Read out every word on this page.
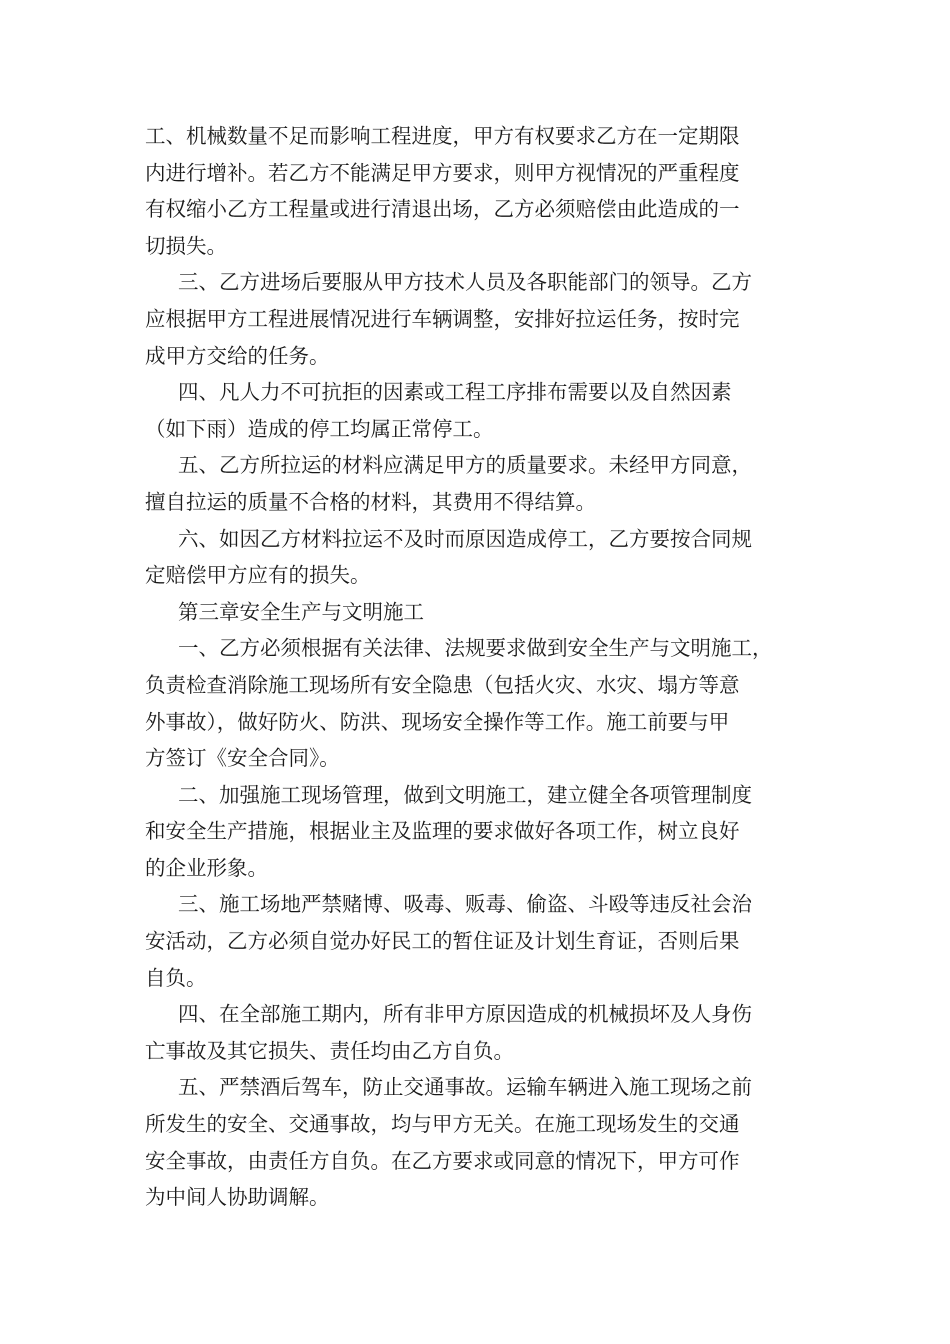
工、机械数量不足而影响工程进度，甲方有权要求乙方在一定期限
内进行增补。若乙方不能满足甲方要求，则甲方视情况的严重程度
有权缩小乙方工程量或进行清退出场，乙方必须赔偿由此造成的一
切损失。
三、乙方进场后要服从甲方技术人员及各职能部门的领导。乙方
应根据甲方工程进展情况进行车辆调整，安排好拉运任务，按时完
成甲方交给的任务。
四、凡人力不可抗拒的因素或工程工序排布需要以及自然因素
（如下雨）造成的停工均属正常停工。
五、乙方所拉运的材料应满足甲方的质量要求。未经甲方同意，
擅自拉运的质量不合格的材料，其费用不得结算。
六、如因乙方材料拉运不及时而原因造成停工，乙方要按合同规
定赔偿甲方应有的损失。
第三章安全生产与文明施工
一、乙方必须根据有关法律、法规要求做到安全生产与文明施工，
负责检查消除施工现场所有安全隐患（包括火灾、水灾、塌方等意
外事故），做好防火、防洪、现场安全操作等工作。施工前要与甲
方签订《安全合同》。
二、加强施工现场管理，做到文明施工，建立健全各项管理制度
和安全生产措施，根据业主及监理的要求做好各项工作，树立良好
的企业形象。
三、施工场地严禁赌博、吸毒、贩毒、偷盗、斗殴等违反社会治
安活动，乙方必须自觉办好民工的暂住证及计划生育证，否则后果
自负。
四、在全部施工期内，所有非甲方原因造成的机械损坏及人身伤
亡事故及其它损失、责任均由乙方自负。
五、严禁酒后驾车，防止交通事故。运输车辆进入施工现场之前
所发生的安全、交通事故，均与甲方无关。在施工现场发生的交通
安全事故，由责任方自负。在乙方要求或同意的情况下，甲方可作
为中间人协助调解。
